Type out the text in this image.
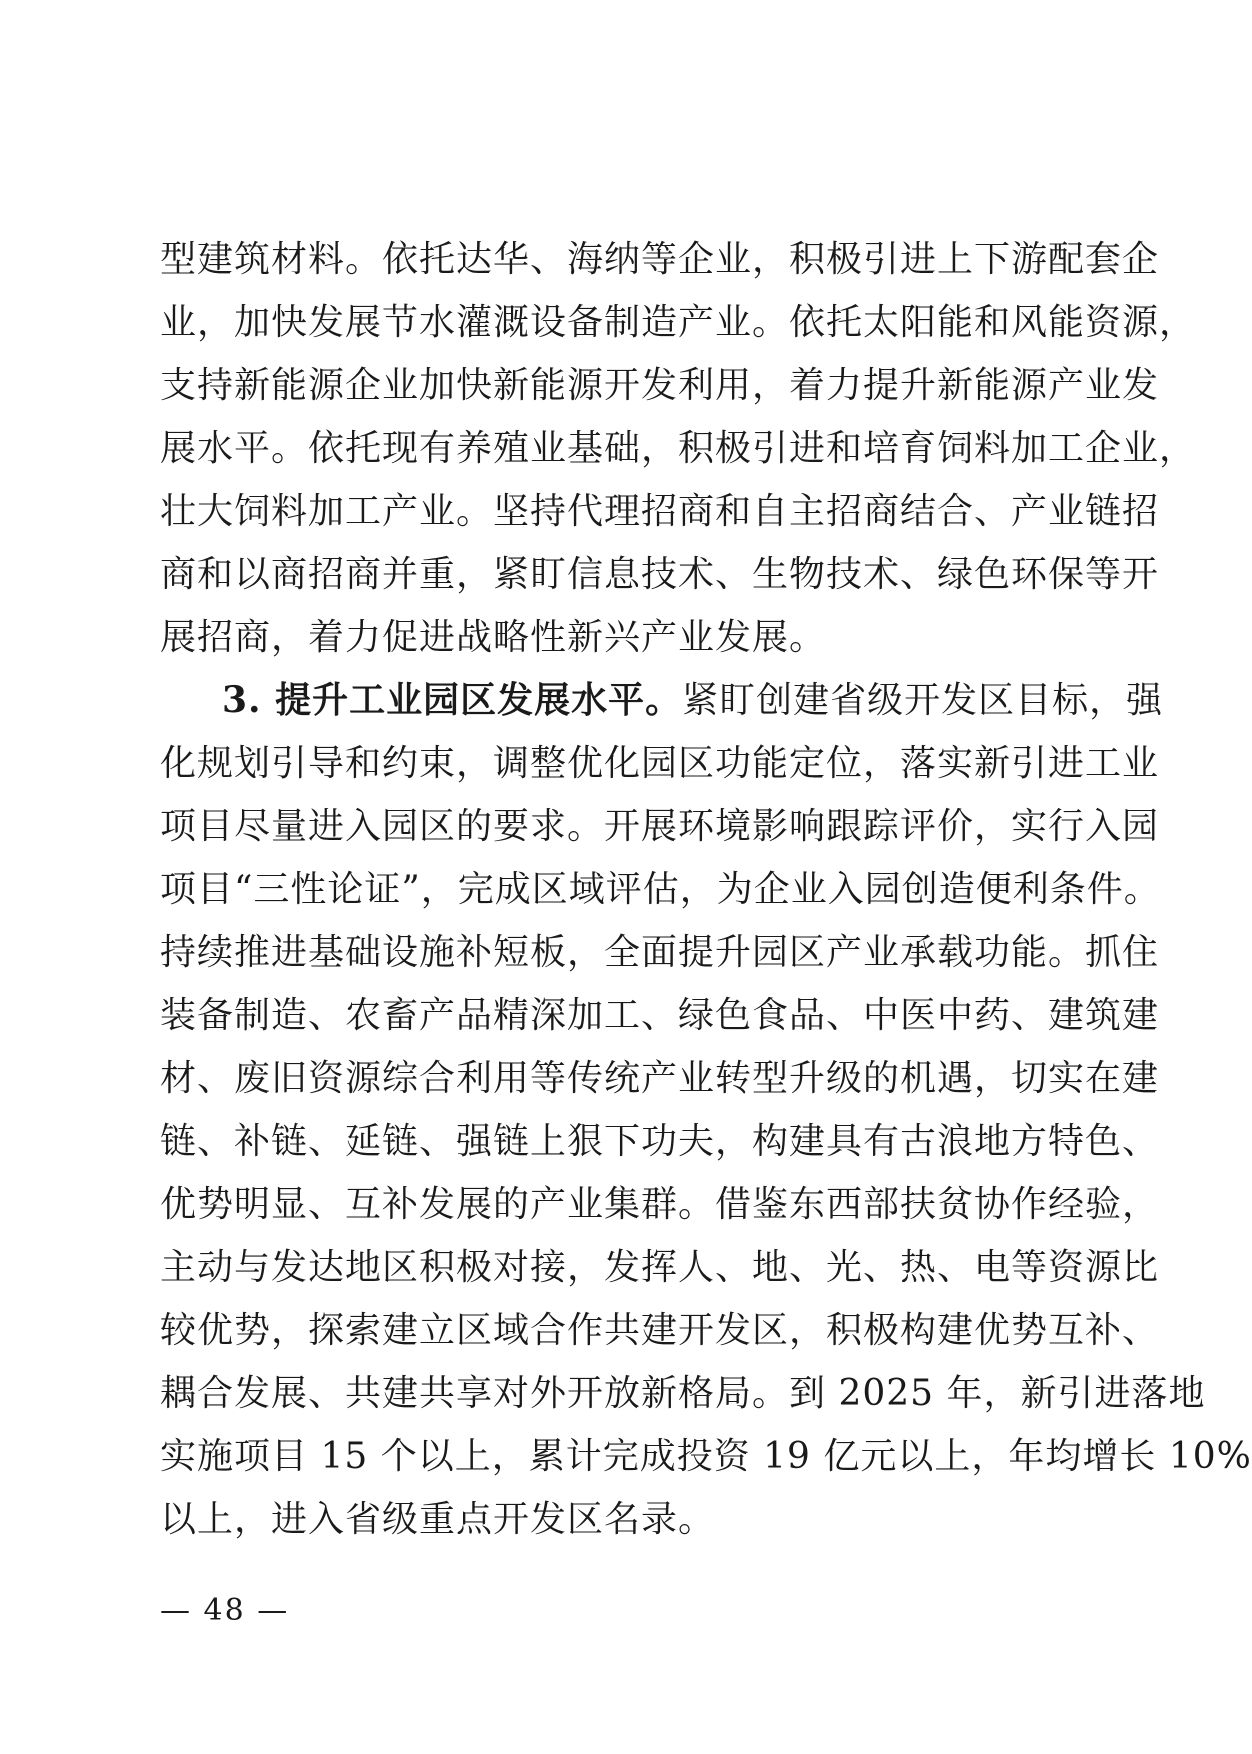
型建筑材料。依托达华、海纳等企业，积极引进上下游配套企
业，加快发展节水灌溉设备制造产业。依托太阳能和风能资源，
支持新能源企业加快新能源开发利用，着力提升新能源产业发
展水平。依托现有养殖业基础，积极引进和培育饲料加工企业，
壮大饲料加工产业。坚持代理招商和自主招商结合、产业链招
商和以商招商并重，紧盯信息技术、生物技术、绿色环保等开
展招商，着力促进战略性新兴产业发展。
3. 提升工业园区发展水平。紧盯创建省级开发区目标，强
化规划引导和约束，调整优化园区功能定位，落实新引进工业
项目尽量进入园区的要求。开展环境影响跟踪评价，实行入园
项目“三性论证”，完成区域评估，为企业入园创造便利条件。
持续推进基础设施补短板，全面提升园区产业承载功能。抓住
装备制造、农畜产品精深加工、绿色食品、中医中药、建筑建
材、废旧资源综合利用等传统产业转型升级的机遇，切实在建
链、补链、延链、强链上狠下功夫，构建具有古浪地方特色、
优势明显、互补发展的产业集群。借鉴东西部扶贫协作经验，
主动与发达地区积极对接，发挥人、地、光、热、电等资源比
较优势，探索建立区域合作共建开发区，积极构建优势互补、
耦合发展、共建共享对外开放新格局。到 2025 年，新引进落地
实施项目 15 个以上，累计完成投资 19 亿元以上，年均增长 10%
以上，进入省级重点开发区名录。
— 48 —
